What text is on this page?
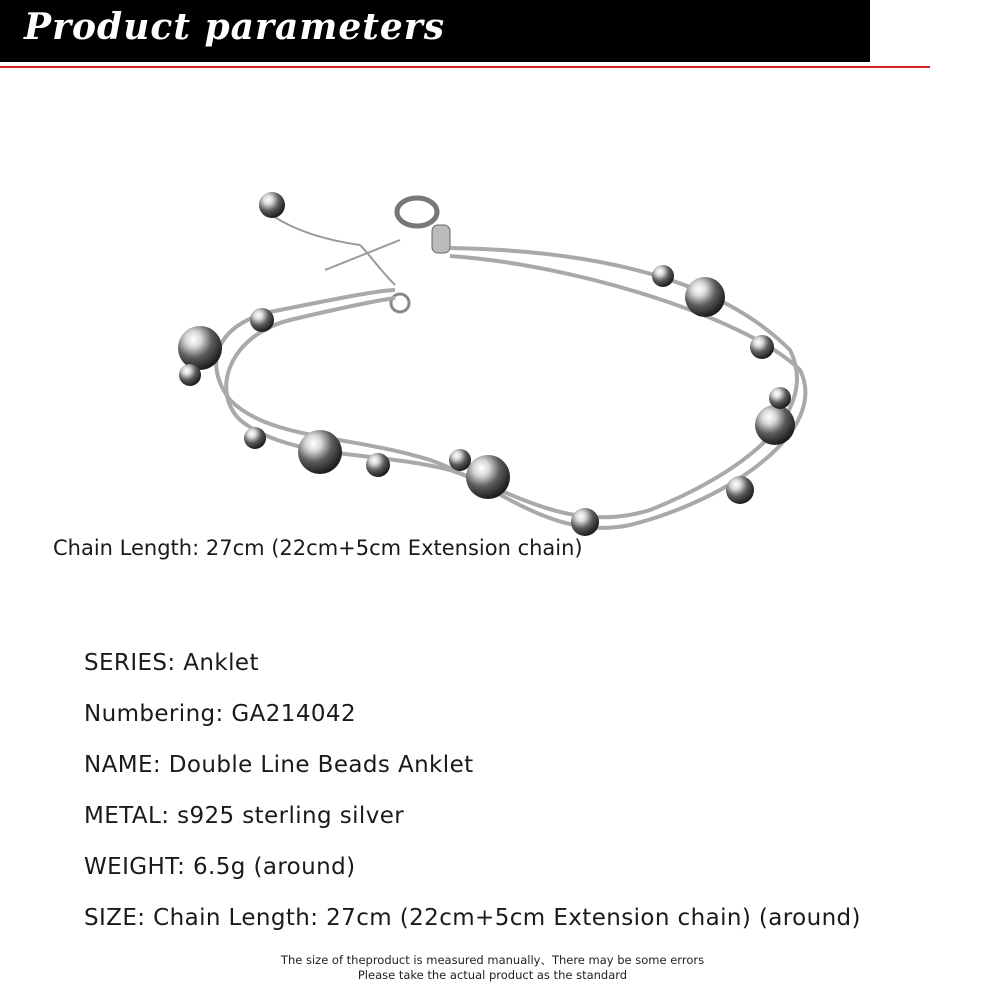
Product parameters
Chain Length: 27cm (22cm+5cm Extension chain)
SERIES: Anklet
Numbering: GA214042
NAME: Double Line Beads Anklet
METAL: s925 sterling silver
WEIGHT: 6.5g (around)
SIZE: Chain Length: 27cm (22cm+5cm Extension chain) (around)
The size of theproduct is measured manually、There may be some errors
Please take the actual product as the standard
